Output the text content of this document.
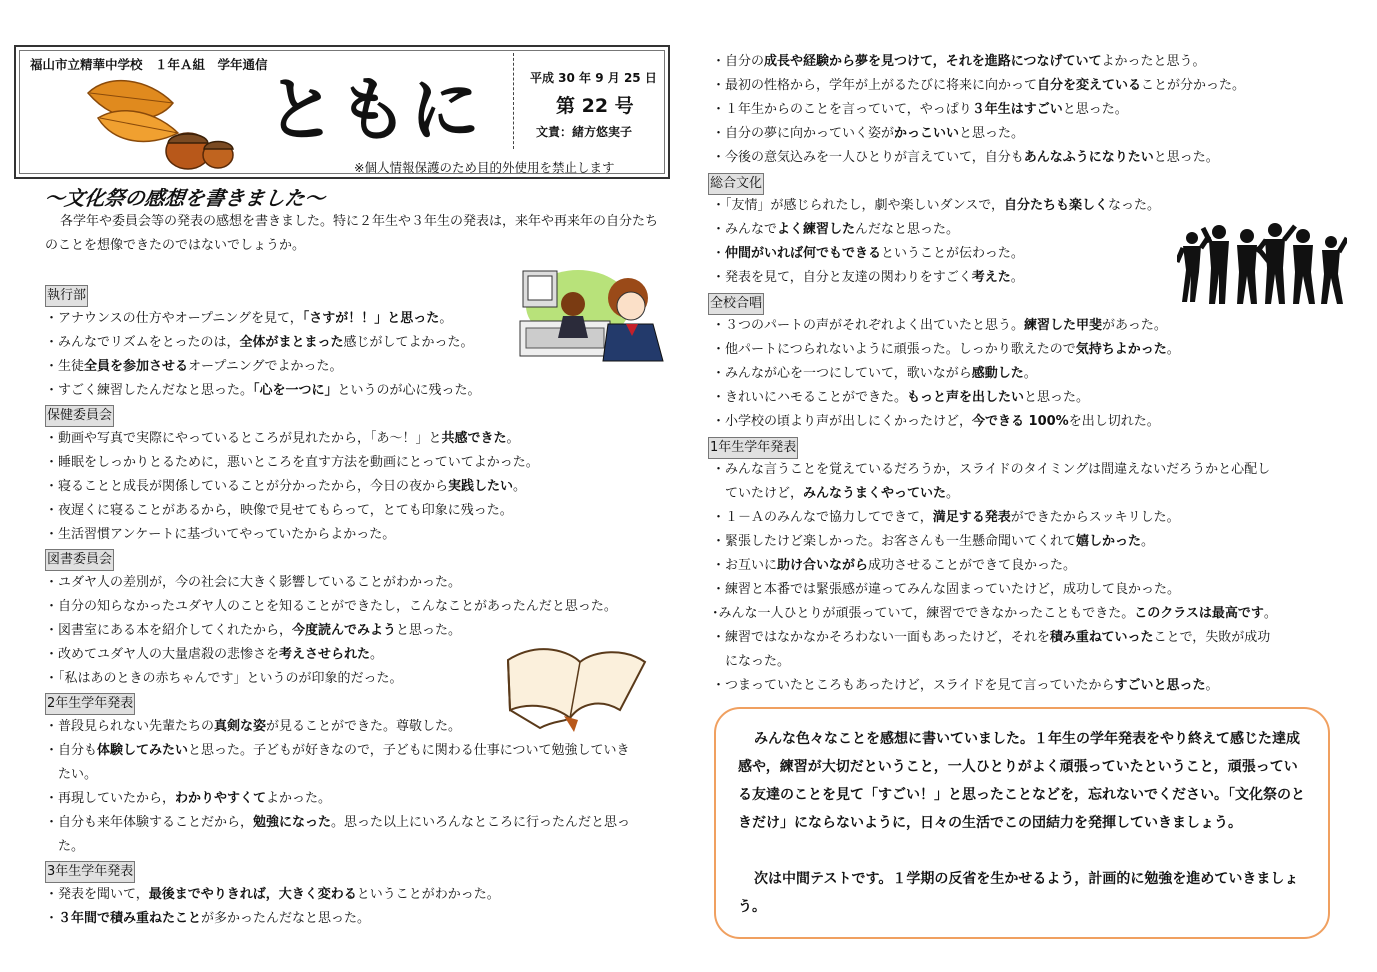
福山市立精華中学校　１年Ａ組　学年通信
ともに	平成 30 年 9 月 25 日
第 22 号
文責：緒方悠実子
※個人情報保護のため目的外使用を禁止します
～文化祭の感想を書きました～
各学年や委員会等の発表の感想を書きました。特に２年生や３年生の発表は，来年や再来年の自分たちのことを想像できたのではないでしょうか。
執行部
保健委員会
図書委員会
2年生学年発表
3年生学年発表
・アナウンスの仕方やオープニングを見て，「さすが！！」と思った。
・みんなでリズムをとったのは，全体がまとまった感じがしてよかった。
・生徒全員を参加させるオープニングでよかった。
・すごく練習したんだなと思った。「心を一つに」というのが心に残った。
・動画や写真で実際にやっているところが見れたから，「あ～！」と共感できた。
・睡眠をしっかりとるために，悪いところを直す方法を動画にとっていてよかった。
・寝ることと成長が関係していることが分かったから，今日の夜から実践したい。
・夜遅くに寝ることがあるから，映像で見せてもらって，とても印象に残った。
・生活習慣アンケートに基づいてやっていたからよかった。
・ユダヤ人の差別が，今の社会に大きく影響していることがわかった。
・自分の知らなかったユダヤ人のことを知ることができたし，こんなことがあったんだと思った。
・図書室にある本を紹介してくれたから，今度読んでみようと思った。
・改めてユダヤ人の大量虐殺の悲惨さを考えさせられた。
・「私はあのときの赤ちゃんです」というのが印象的だった。
・普段見られない先輩たちの真剣な姿が見ることができた。尊敬した。
・自分も体験してみたいと思った。子どもが好きなので，子どもに関わる仕事について勉強していき
たい。
・再現していたから，わかりやすくてよかった。
・自分も来年体験することだから，勉強になった。思った以上にいろんなところに行ったんだと思っ
た。
・発表を聞いて，最後までやりきれば，大きく変わるということがわかった。
・３年間で積み重ねたことが多かったんだなと思った。
・自分の成長や経験から夢を見つけて，それを進路につなげていてよかったと思う。
・最初の性格から，学年が上がるたびに将来に向かって自分を変えていることが分かった。
・１年生からのことを言っていて，やっぱり３年生はすごいと思った。
・自分の夢に向かっていく姿がかっこいいと思った。
・今後の意気込みを一人ひとりが言えていて，自分もあんなふうになりたいと思った。
総合文化
・「友情」が感じられたし，劇や楽しいダンスで，自分たちも楽しくなった。
・みんなでよく練習したんだなと思った。
・仲間がいれば何でもできるということが伝わった。
・発表を見て，自分と友達の関わりをすごく考えた。
全校合唱
・３つのパートの声がそれぞれよく出ていたと思う。練習した甲斐があった。
・他パートにつられないように頑張った。しっかり歌えたので気持ちよかった。
・みんなが心を一つにしていて，歌いながら感動した。
・きれいにハモることができた。もっと声を出したいと思った。
・小学校の頃より声が出しにくかったけど，今できる 100%を出し切れた。
1年生学年発表
・みんな言うことを覚えているだろうか，スライドのタイミングは間違えないだろうかと心配し
ていたけど，みんなうまくやっていた。
・１－Ａのみんなで協力してできて，満足する発表ができたからスッキリした。
・緊張したけど楽しかった。お客さんも一生懸命聞いてくれて嬉しかった。
・お互いに助け合いながら成功させることができて良かった。
・練習と本番では緊張感が違ってみんな固まっていたけど，成功して良かった。
･みんな一人ひとりが頑張っていて，練習でできなかったこともできた。このクラスは最高です。
・練習ではなかなかそろわない一面もあったけど，それを積み重ねていったことで，失敗が成功
になった。
・つまっていたところもあったけど，スライドを見て言っていたからすごいと思った。

みんな色々なことを感想に書いていました。１年生の学年発表をやり終えて感じた達成感や，練習が大切だということ，一人ひとりがよく頑張っていたということ，頑張っている友達のことを見て「すごい！」と思ったことなどを，忘れないでください。「文化祭のときだけ」にならないように，日々の生活でこの団結力を発揮していきましょう。

次は中間テストです。１学期の反省を生かせるよう，計画的に勉強を進めていきましょう。
